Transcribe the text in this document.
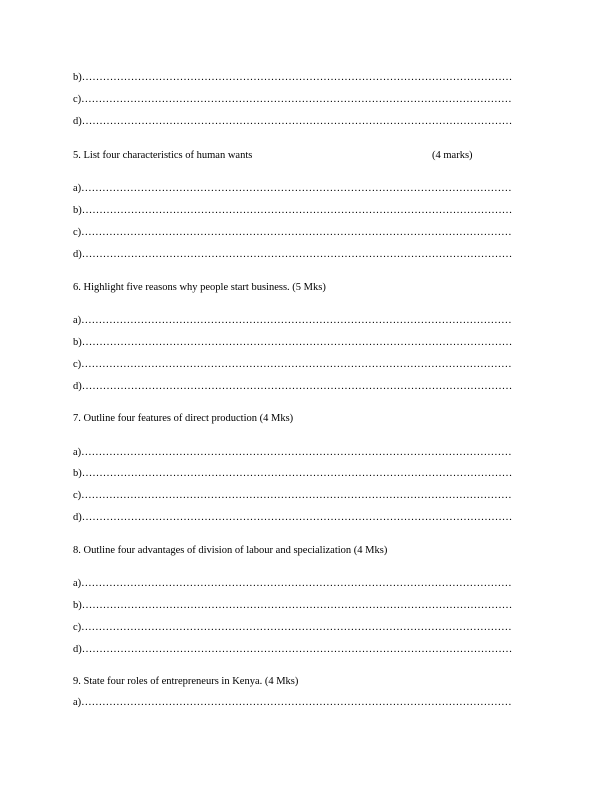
b)……………………………………………………………………………………………………………
c)……………………………………………………………………………………………………………
d)……………………………………………………………………………………………………………
5. List four characteristics of human wants	(4 marks)
a)……………………………………………………………………………………………………………
b)……………………………………………………………………………………………………………
c)……………………………………………………………………………………………………………
d)……………………………………………………………………………………………………………
6. Highlight five reasons why people start business. (5 Mks)
a)……………………………………………………………………………………………………………
b)……………………………………………………………………………………………………………
c)……………………………………………………………………………………………………………
d)……………………………………………………………………………………………………………
7. Outline four features of direct production (4 Mks)
a)……………………………………………………………………………………………………………
b)……………………………………………………………………………………………………………
c)……………………………………………………………………………………………………………
d)……………………………………………………………………………………………………………
8. Outline four advantages of division of labour and specialization (4 Mks)
a)……………………………………………………………………………………………………………
b)……………………………………………………………………………………………………………
c)……………………………………………………………………………………………………………
d)……………………………………………………………………………………………………………
9. State four roles of entrepreneurs in Kenya. (4 Mks)
a)……………………………………………………………………………………………………………
